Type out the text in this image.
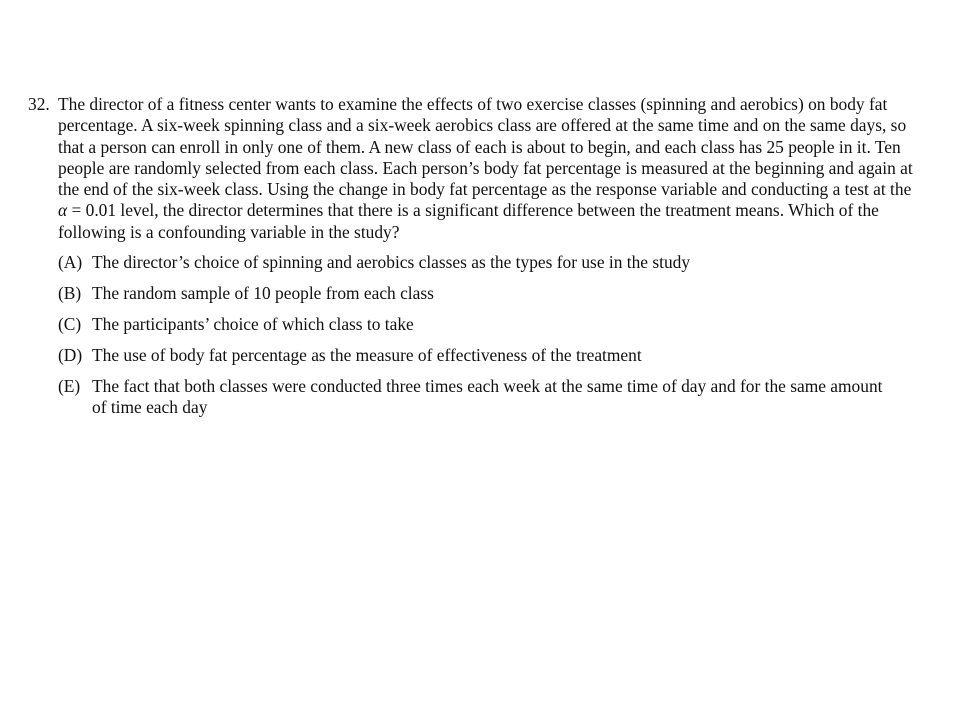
32. The director of a fitness center wants to examine the effects of two exercise classes (spinning and aerobics) on body fat percentage. A six-week spinning class and a six-week aerobics class are offered at the same time and on the same days, so that a person can enroll in only one of them. A new class of each is about to begin, and each class has 25 people in it. Ten people are randomly selected from each class. Each person’s body fat percentage is measured at the beginning and again at the end of the six-week class. Using the change in body fat percentage as the response variable and conducting a test at the α = 0.01 level, the director determines that there is a significant difference between the treatment means. Which of the following is a confounding variable in the study?
(A) The director’s choice of spinning and aerobics classes as the types for use in the study
(B) The random sample of 10 people from each class
(C) The participants’ choice of which class to take
(D) The use of body fat percentage as the measure of effectiveness of the treatment
(E) The fact that both classes were conducted three times each week at the same time of day and for the same amount of time each day
